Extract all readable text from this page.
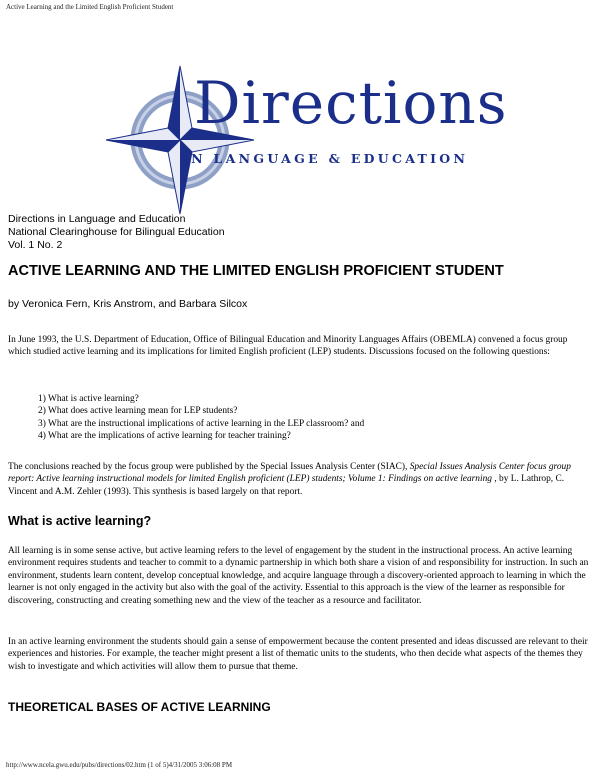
Active Learning and the Limited English Proficient Student
Directions
IN LANGUAGE & EDUCATION
Directions in Language and Education
National Clearinghouse for Bilingual Education
Vol. 1 No. 2
ACTIVE LEARNING AND THE LIMITED ENGLISH PROFICIENT STUDENT
by Veronica Fern, Kris Anstrom, and Barbara Silcox

In June 1993, the U.S. Department of Education, Office of Bilingual Education and Minority Languages Affairs (OBEMLA) convened a focus group which studied active learning and its implications for limited English proficient (LEP) students. Discussions focused on the following questions:

1) What is active learning?
2) What does active learning mean for LEP students?
3) What are the instructional implications of active learning in the LEP classroom? and
4) What are the implications of active learning for teacher training?

The conclusions reached by the focus group were published by the Special Issues Analysis Center (SIAC), Special Issues Analysis Center focus group report: Active learning instructional models for limited English proficient (LEP) students; Volume 1: Findings on active learning , by L. Lathrop, C. Vincent and A.M. Zehler (1993). This synthesis is based largely on that report.

What is active learning?

All learning is in some sense active, but active learning refers to the level of engagement by the student in the instructional process. An active learning environment requires students and teacher to commit to a dynamic partnership in which both share a vision of and responsibility for instruction. In such an environment, students learn content, develop conceptual knowledge, and acquire language through a discovery-oriented approach to learning in which the learner is not only engaged in the activity but also with the goal of the activity. Essential to this approach is the view of the learner as responsible for discovering, constructing and creating something new and the view of the teacher as a resource and facilitator.

In an active learning environment the students should gain a sense of empowerment because the content presented and ideas discussed are relevant to their experiences and histories. For example, the teacher might present a list of thematic units to the students, who then decide what aspects of the themes they wish to investigate and which activities will allow them to pursue that theme.

THEORETICAL BASES OF ACTIVE LEARNING
http://www.ncela.gwu.edu/pubs/directions/02.htm (1 of 5)4/31/2005 3:06:08 PM
